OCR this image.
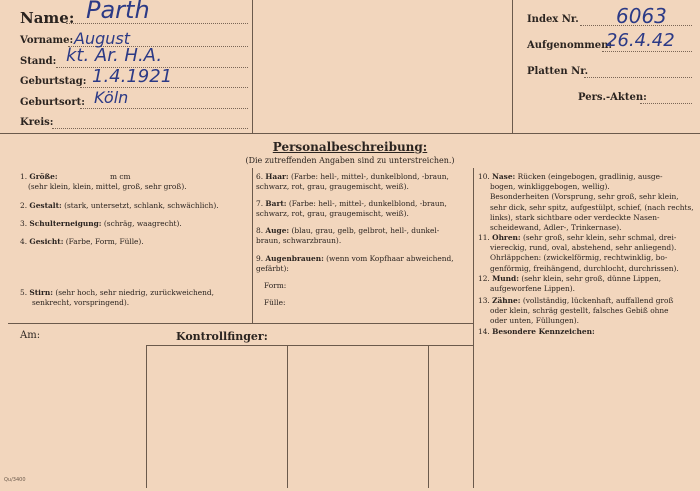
Name: Parth
Vorname: August
Stand: kt. Ar. H.A.
Geburtstag: 1.4.1921
Geburtsort: Köln
Kreis:
Index Nr. 6063
Aufgenommen:
26.4.42
Platten Nr.
Pers.-Akten:
Personalbeschreibung:
(Die zutreffenden Angaben sind zu unterstreichen.)
1. Größe:	m cm
(sehr klein, klein, mittel, groß, sehr groß).
2. Gestalt: (stark, untersetzt, schlank, schwächlich).
3. Schulterneigung: (schräg, waagrecht).
4. Gesicht: (Farbe, Form, Fülle).
5. Stirn: (sehr hoch, sehr niedrig, zurückweichend,
senkrecht, vorspringend).
6. Haar: (Farbe: hell-, mittel-, dunkelblond, -braun,
schwarz, rot, grau, graugemischt, weiß).
7. Bart: (Farbe: hell-, mittel-, dunkelblond, -braun,
schwarz, rot, grau, graugemischt, weiß).
8. Auge: (blau, grau, gelb, gelbrot, hell-, dunkel-
braun, schwarzbraun).
9. Augenbrauen: (wenn vom Kopfhaar abweichend,
gefärbt):
Form:
Fülle:
10. Nase: Rücken (eingebogen, gradlinig, ausge-
bogen, winkliggebogen, wellig).
Besonderheiten (Vorsprung, sehr groß, sehr klein,
sehr dick, sehr spitz, aufgestülpt, schief, (nach rechts,
links), stark sichtbare oder verdeckte Nasen-
scheidewand, Adler-, Trinkernase).
11. Ohren: (sehr groß, sehr klein, sehr schmal, drei-
viereckig, rund, oval, abstehend, sehr anliegend).
Ohrläppchen: (zwickelförmig, rechtwinklig, bo-
genförmig, freihängend, durchlocht, durchrissen).
12. Mund: (sehr klein, sehr groß, dünne Lippen,
aufgeworfene Lippen).
13. Zähne: (vollständig, lückenhaft, auffallend groß
oder klein, schräg gestellt, falsches Gebiß ohne
oder unten, Füllungen).
14. Besondere Kennzeichen:
Am:	Kontrollfinger:
Qu/3400
